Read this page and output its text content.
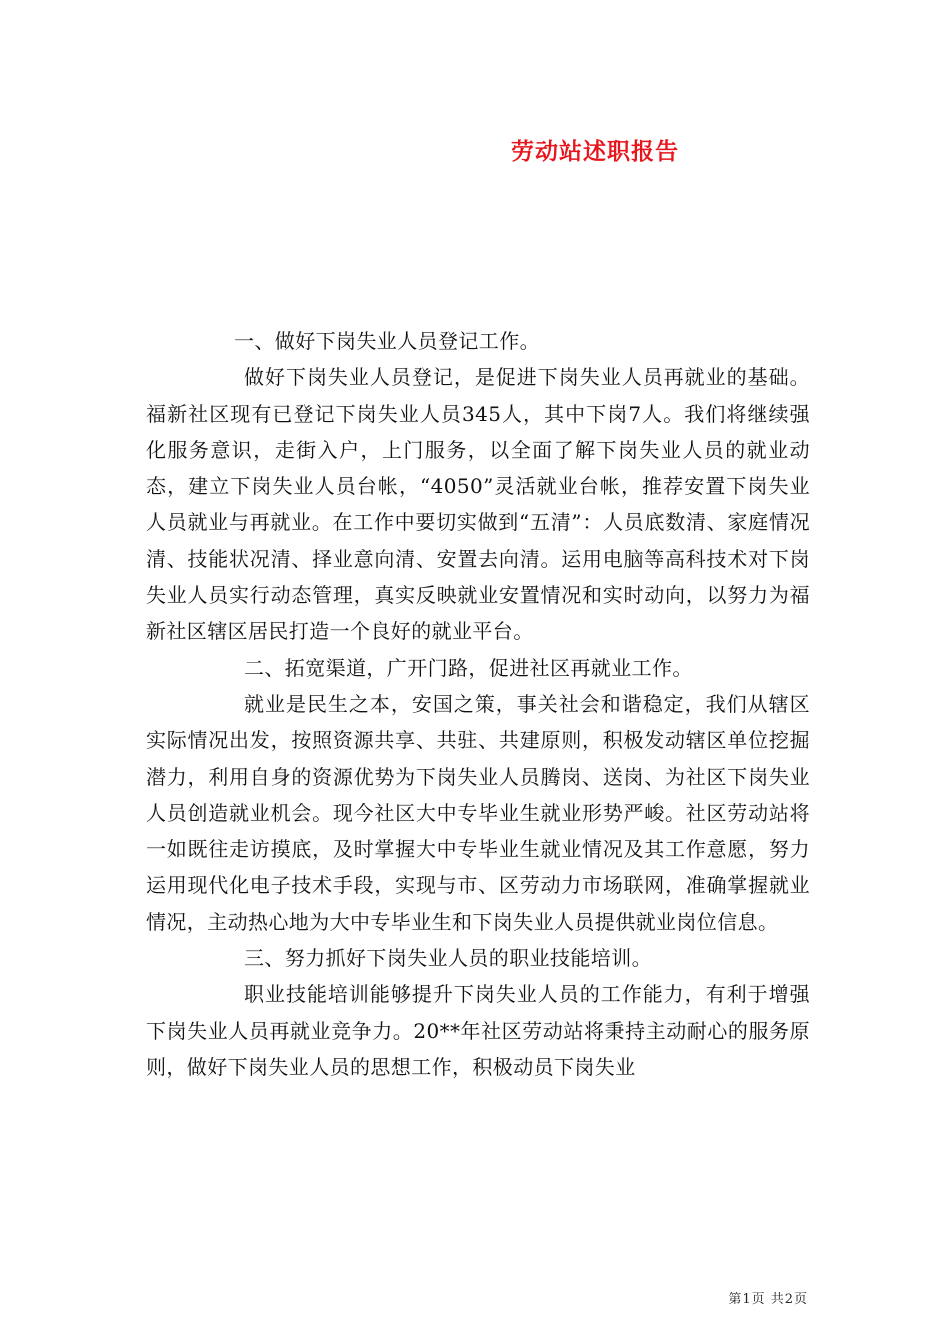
劳动站述职报告

一、做好下岗失业人员登记工作。

做好下岗失业人员登记，是促进下岗失业人员再就业的基础。福新社区现有已登记下岗失业人员345人，其中下岗7人。我们将继续强化服务意识，走街入户，上门服务，以全面了解下岗失业人员的就业动态，建立下岗失业人员台帐，“4050”灵活就业台帐，推荐安置下岗失业人员就业与再就业。在工作中要切实做到“五清”：人员底数清、家庭情况清、技能状况清、择业意向清、安置去向清。运用电脑等高科技术对下岗失业人员实行动态管理，真实反映就业安置情况和实时动向，以努力为福新社区辖区居民打造一个良好的就业平台。

二、拓宽渠道，广开门路，促进社区再就业工作。

就业是民生之本，安国之策，事关社会和谐稳定，我们从辖区实际情况出发，按照资源共享、共驻、共建原则，积极发动辖区单位挖掘潜力，利用自身的资源优势为下岗失业人员腾岗、送岗、为社区下岗失业人员创造就业机会。现今社区大中专毕业生就业形势严峻。社区劳动站将一如既往走访摸底，及时掌握大中专毕业生就业情况及其工作意愿，努力运用现代化电子技术手段，实现与市、区劳动力市场联网，准确掌握就业情况，主动热心地为大中专毕业生和下岗失业人员提供就业岗位信息。

三、努力抓好下岗失业人员的职业技能培训。

职业技能培训能够提升下岗失业人员的工作能力，有利于增强下岗失业人员再就业竞争力。20**年社区劳动站将秉持主动耐心的服务原则，做好下岗失业人员的思想工作，积极动员下岗失业

第1页 共2页
